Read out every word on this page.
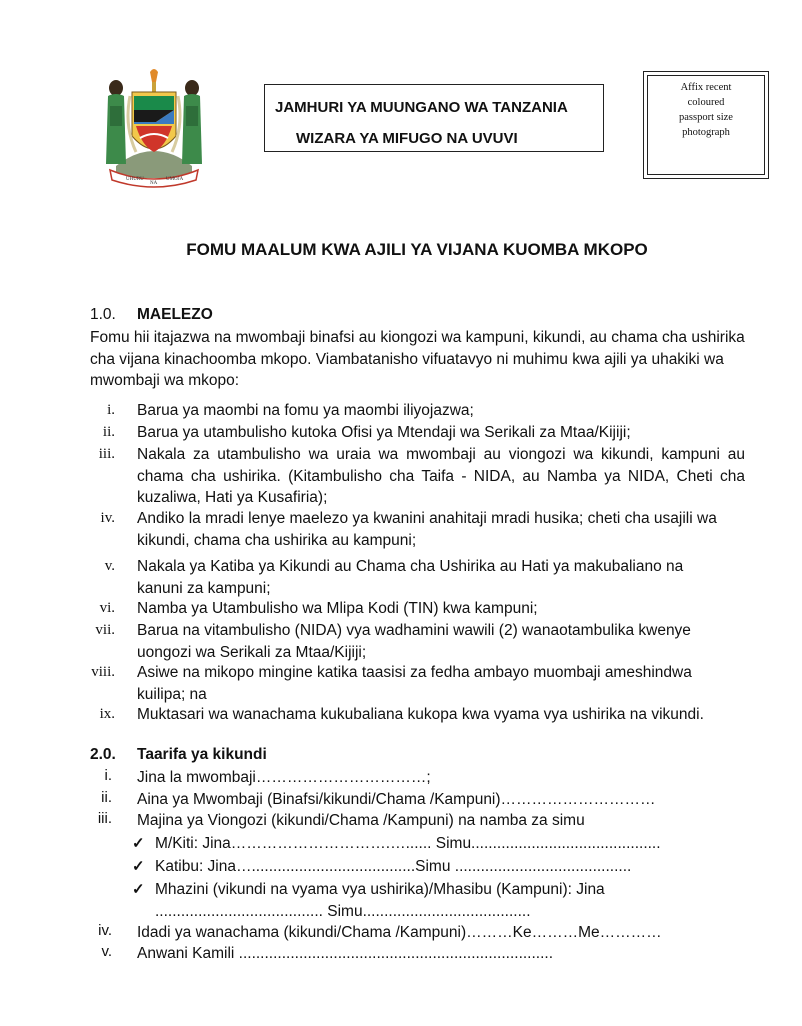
UHURU
NA
UMOJA
JAMHURI YA MUUNGANO WA TANZANIA
WIZARA YA MIFUGO NA UVUVI
Affix recent
coloured
passport size
photograph
FOMU MAALUM KWA AJILI YA VIJANA KUOMBA MKOPO
1.0. MAELEZO
Fomu hii itajazwa na mwombaji binafsi au kiongozi wa kampuni, kikundi, au chama cha ushirika cha vijana kinachoomba mkopo. Viambatanisho vifuatavyo ni muhimu kwa ajili ya uhakiki wa mwombaji wa mkopo:
i. Barua ya maombi na fomu ya maombi iliyojazwa;
ii. Barua ya utambulisho kutoka Ofisi ya Mtendaji wa Serikali za Mtaa/Kijiji;
iii. Nakala za utambulisho wa uraia wa mwombaji au viongozi wa kikundi, kampuni au chama cha ushirika. (Kitambulisho cha Taifa - NIDA, au Namba ya NIDA, Cheti cha kuzaliwa, Hati ya Kusafiria);
iv. Andiko la mradi lenye maelezo ya kwanini anahitaji mradi husika; cheti cha usajili wa kikundi, chama cha ushirika au kampuni;
v. Nakala ya Katiba ya Kikundi au Chama cha Ushirika au Hati ya makubaliano na kanuni za kampuni;
vi. Namba ya Utambulisho wa Mlipa Kodi (TIN) kwa kampuni;
vii. Barua na vitambulisho (NIDA) vya wadhamini wawili (2) wanaotambulika kwenye uongozi wa Serikali za Mtaa/Kijiji;
viii. Asiwe na mikopo mingine katika taasisi za fedha ambayo muombaji ameshindwa kuilipa; na
ix. Muktasari wa wanachama kukubaliana kukopa kwa vyama vya ushirika na vikundi.
2.0. Taarifa ya kikundi
i. Jina la mwombaji……………………………;
ii. Aina ya Mwombaji (Binafsi/kikundi/Chama /Kampuni)…………………………
iii. Majina ya Viongozi (kikundi/Chama /Kampuni) na namba za simu
✓ M/Kiti: Jina………………………….…...... Simu............................................
✓ Katibu: Jina…......................................Simu .........................................
✓ Mhazini (vikundi na vyama vya ushirika)/Mhasibu (Kampuni): Jina
....................................... Simu.......................................
iv. Idadi ya wanachama (kikundi/Chama /Kampuni)………Ke………Me…………
v. Anwani Kamili .........................................................................
